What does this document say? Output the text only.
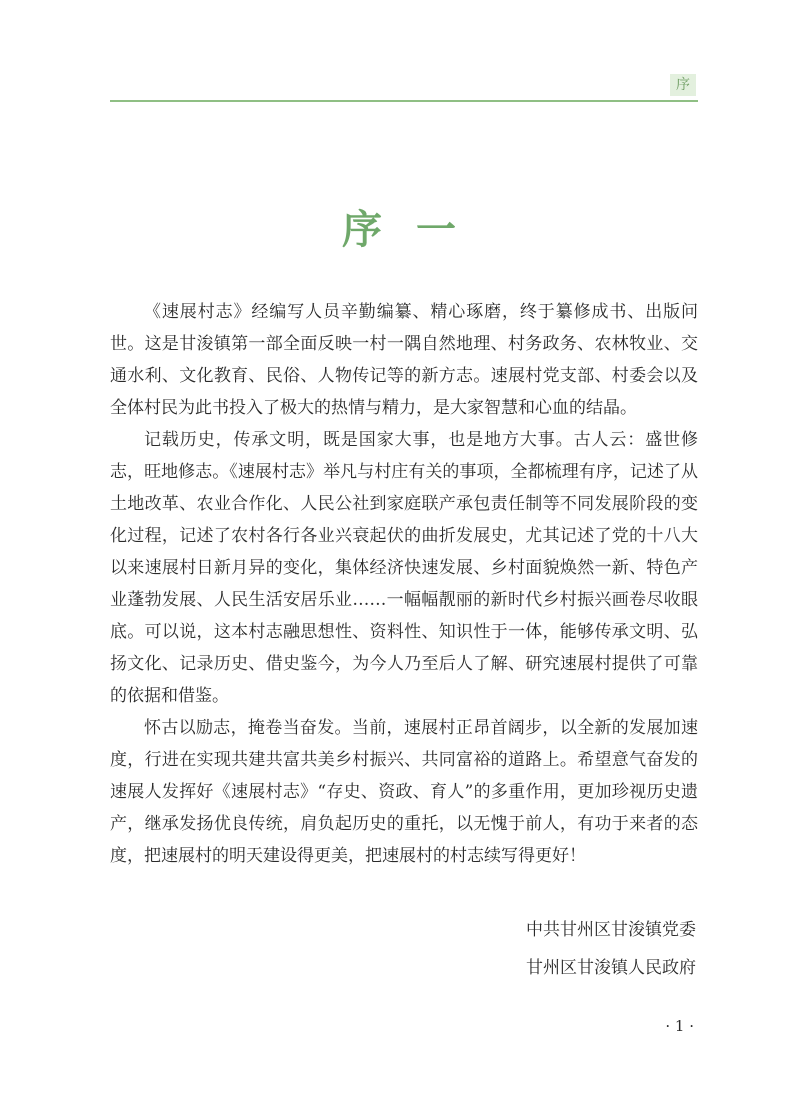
序
序一

《速展村志》经编写人员辛勤编纂、精心琢磨，终于纂修成书、出版问世。这是甘浚镇第一部全面反映一村一隅自然地理、村务政务、农林牧业、交通水利、文化教育、民俗、人物传记等的新方志。速展村党支部、村委会以及全体村民为此书投入了极大的热情与精力，是大家智慧和心血的结晶。

记载历史，传承文明，既是国家大事，也是地方大事。古人云：盛世修志，旺地修志。《速展村志》举凡与村庄有关的事项，全都梳理有序，记述了从土地改革、农业合作化、人民公社到家庭联产承包责任制等不同发展阶段的变化过程，记述了农村各行各业兴衰起伏的曲折发展史，尤其记述了党的十八大以来速展村日新月异的变化，集体经济快速发展、乡村面貌焕然一新、特色产业蓬勃发展、人民生活安居乐业……一幅幅靓丽的新时代乡村振兴画卷尽收眼底。可以说，这本村志融思想性、资料性、知识性于一体，能够传承文明、弘扬文化、记录历史、借史鉴今，为今人乃至后人了解、研究速展村提供了可靠的依据和借鉴。

怀古以励志，掩卷当奋发。当前，速展村正昂首阔步，以全新的发展加速度，行进在实现共建共富共美乡村振兴、共同富裕的道路上。希望意气奋发的速展人发挥好《速展村志》“存史、资政、育人”的多重作用，更加珍视历史遗产，继承发扬优良传统，肩负起历史的重托，以无愧于前人，有功于来者的态度，把速展村的明天建设得更美，把速展村的村志续写得更好！

中共甘州区甘浚镇党委
甘州区甘浚镇人民政府
· 1 ·
